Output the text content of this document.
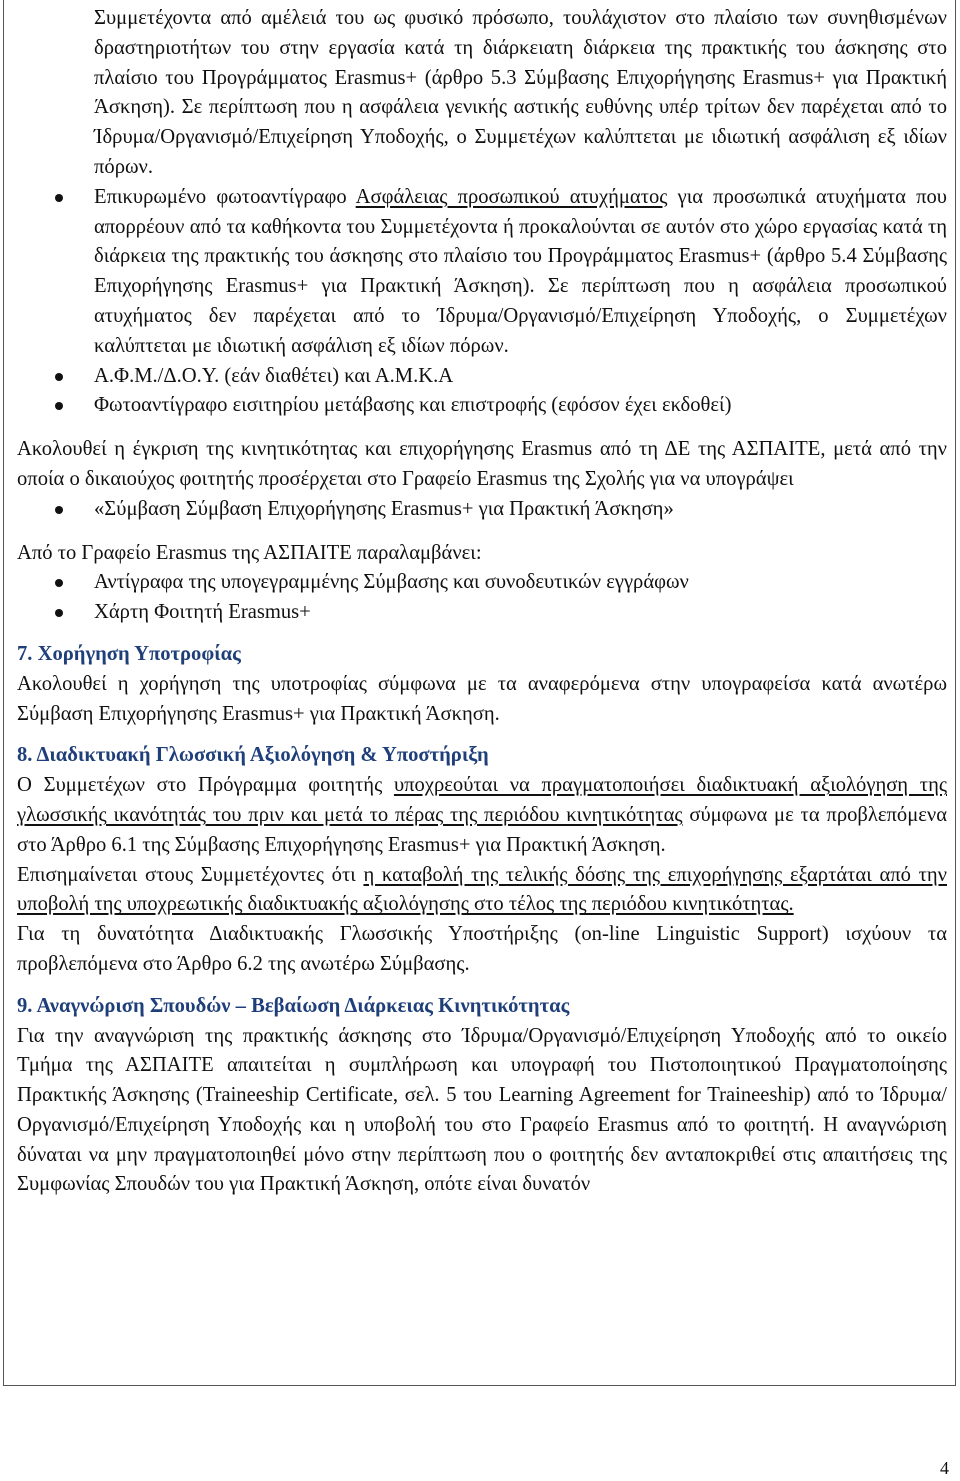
Συμμετέχοντα από αμέλειά του ως φυσικό πρόσωπο, τουλάχιστον στο πλαίσιο των συνηθισμένων δραστηριοτήτων του στην εργασία κατά τη διάρκειατη διάρκεια της πρακτικής του άσκησης στο πλαίσιο του Προγράμματος Erasmus+ (άρθρο 5.3 Σύμβασης Επιχορήγησης Erasmus+ για Πρακτική Άσκηση). Σε περίπτωση που η ασφάλεια γενικής αστικής ευθύνης υπέρ τρίτων δεν παρέχεται από το Ίδρυμα/Οργανισμό/Επιχείρηση Υποδοχής, ο Συμμετέχων καλύπτεται με ιδιωτική ασφάλιση εξ ιδίων πόρων.

Επικυρωμένο φωτοαντίγραφο Ασφάλειας προσωπικού ατυχήματος για προσωπικά ατυχήματα που απορρέουν από τα καθήκοντα του Συμμετέχοντα ή προκαλούνται σε αυτόν στο χώρο εργασίας κατά τη διάρκεια της πρακτικής του άσκησης στο πλαίσιο του Προγράμματος Erasmus+ (άρθρο 5.4 Σύμβασης Επιχορήγησης Erasmus+ για Πρακτική Άσκηση). Σε περίπτωση που η ασφάλεια προσωπικού ατυχήματος δεν παρέχεται από το Ίδρυμα/Οργανισμό/Επιχείρηση Υποδοχής, ο Συμμετέχων καλύπτεται με ιδιωτική ασφάλιση εξ ιδίων πόρων.
Α.Φ.Μ./Δ.Ο.Υ. (εάν διαθέτει) και Α.Μ.Κ.Α
Φωτοαντίγραφο εισιτηρίου μετάβασης και επιστροφής (εφόσον έχει εκδοθεί)

Ακολουθεί η έγκριση της κινητικότητας και επιχορήγησης Erasmus από τη ΔΕ της ΑΣΠΑΙΤΕ, μετά από την οποία ο δικαιούχος φοιτητής προσέρχεται στο Γραφείο Erasmus της Σχολής για να υπογράψει

«Σύμβαση Σύμβαση Επιχορήγησης Erasmus+ για Πρακτική Άσκηση»

Από το Γραφείο Erasmus της ΑΣΠΑΙΤΕ παραλαμβάνει:

Αντίγραφα της υπογεγραμμένης Σύμβασης και συνοδευτικών εγγράφων
Χάρτη Φοιτητή Erasmus+
7. Χορήγηση Υποτροφίας

Ακολουθεί η χορήγηση της υποτροφίας σύμφωνα με τα αναφερόμενα στην υπογραφείσα κατά ανωτέρω Σύμβαση Επιχορήγησης Erasmus+ για Πρακτική Άσκηση.

8. Διαδικτυακή Γλωσσική Αξιολόγηση & Υποστήριξη

Ο Συμμετέχων στο Πρόγραμμα φοιτητής υποχρεούται να πραγματοποιήσει διαδικτυακή αξιολόγηση της γλωσσικής ικανότητάς του πριν και μετά το πέρας της περιόδου κινητικότητας σύμφωνα με τα προβλεπόμενα στο Άρθρο 6.1 της Σύμβασης Επιχορήγησης Erasmus+ για Πρακτική Άσκηση.

Επισημαίνεται στους Συμμετέχοντες ότι η καταβολή της τελικής δόσης της επιχορήγησης εξαρτάται από την υποβολή της υποχρεωτικής διαδικτυακής αξιολόγησης στο τέλος της περιόδου κινητικότητας.

Για τη δυνατότητα Διαδικτυακής Γλωσσικής Υποστήριξης (on-line Linguistic Support) ισχύουν τα προβλεπόμενα στο Άρθρο 6.2 της ανωτέρω Σύμβασης.

9. Αναγνώριση Σπουδών – Βεβαίωση Διάρκειας Κινητικότητας

Για την αναγνώριση της πρακτικής άσκησης στο Ίδρυμα/Οργανισμό/Επιχείρηση Υποδοχής από το οικείο Τμήμα της ΑΣΠΑΙΤΕ απαιτείται η συμπλήρωση και υπογραφή του Πιστοποιητικού Πραγματοποίησης Πρακτικής Άσκησης (Traineeship Certificate, σελ. 5 του Learning Agreement for Traineeship) από το Ίδρυμα/Οργανισμό/Επιχείρηση Υποδοχής και η υποβολή του στο Γραφείο Erasmus από το φοιτητή. Η αναγνώριση δύναται να μην πραγματοποιηθεί μόνο στην περίπτωση που ο φοιτητής δεν ανταποκριθεί στις απαιτήσεις της Συμφωνίας Σπουδών του για Πρακτική Άσκηση, οπότε είναι δυνατόν

4
